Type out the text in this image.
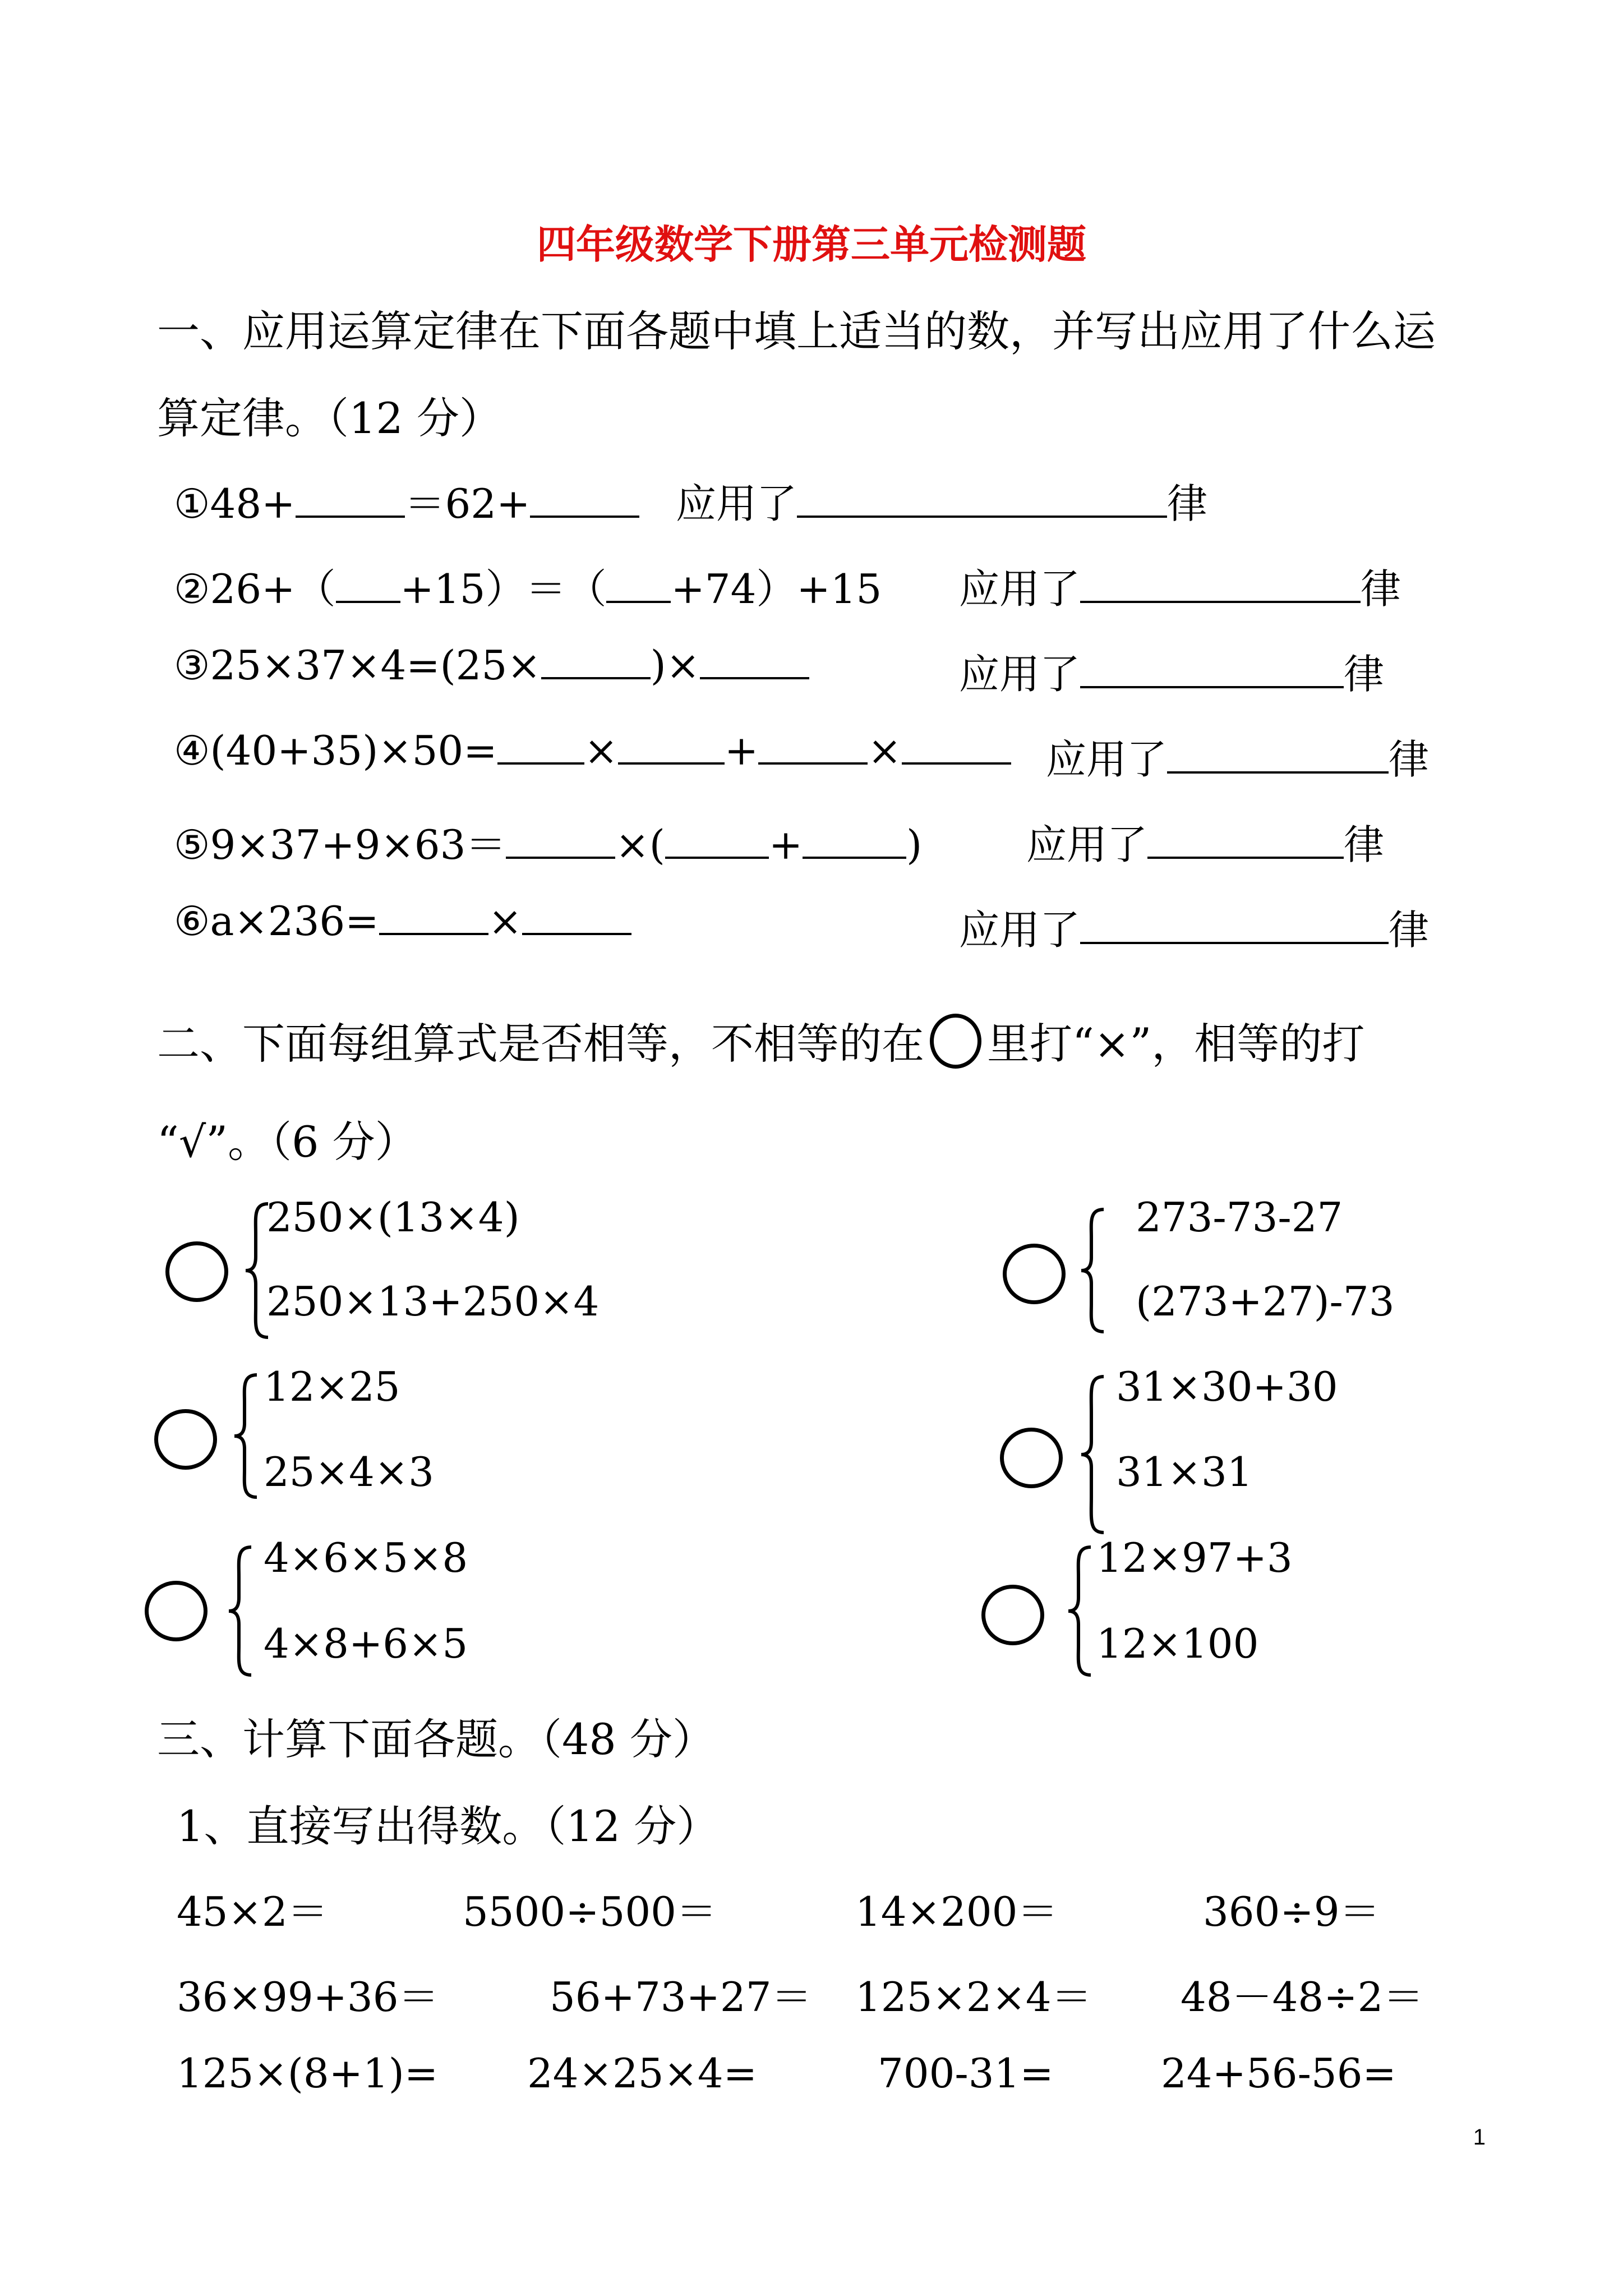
四年级数学下册第三单元检测题
一、应用运算定律在下面各题中填上适当的数，并写出应用了什么运
算定律。（12 分）
①48+	＝62+	应用了	律
②26+（ +15）＝（ +74）+15 应用了	律
③25×37×4=(25×	)×	应用了	律
④(40+35)×50= ×	+	×	应用了	律
⑤9×37+9×63＝	×(	+	)	应用了	律
⑥a×236=	×	应用了	律
二、下面每组算式是否相等，不相等的在 里打“×”，相等的打
“√”。（6 分）
250×(13×4)
250×13+250×4
273-73-27
(273+27)-73
12×25
25×4×3
31×30+30
31×31
4×6×5×8
4×8+6×5
12×97+3
12×100
三、计算下面各题。（48 分）
1、直接写出得数。（12 分）
45×2＝	5500÷500＝	14×200＝	360÷9＝
36×99+36＝	56+73+27＝ 125×2×4＝ 48－48÷2＝
125×(8+1)= 24×25×4=	700-31=	24+56-56=
1
